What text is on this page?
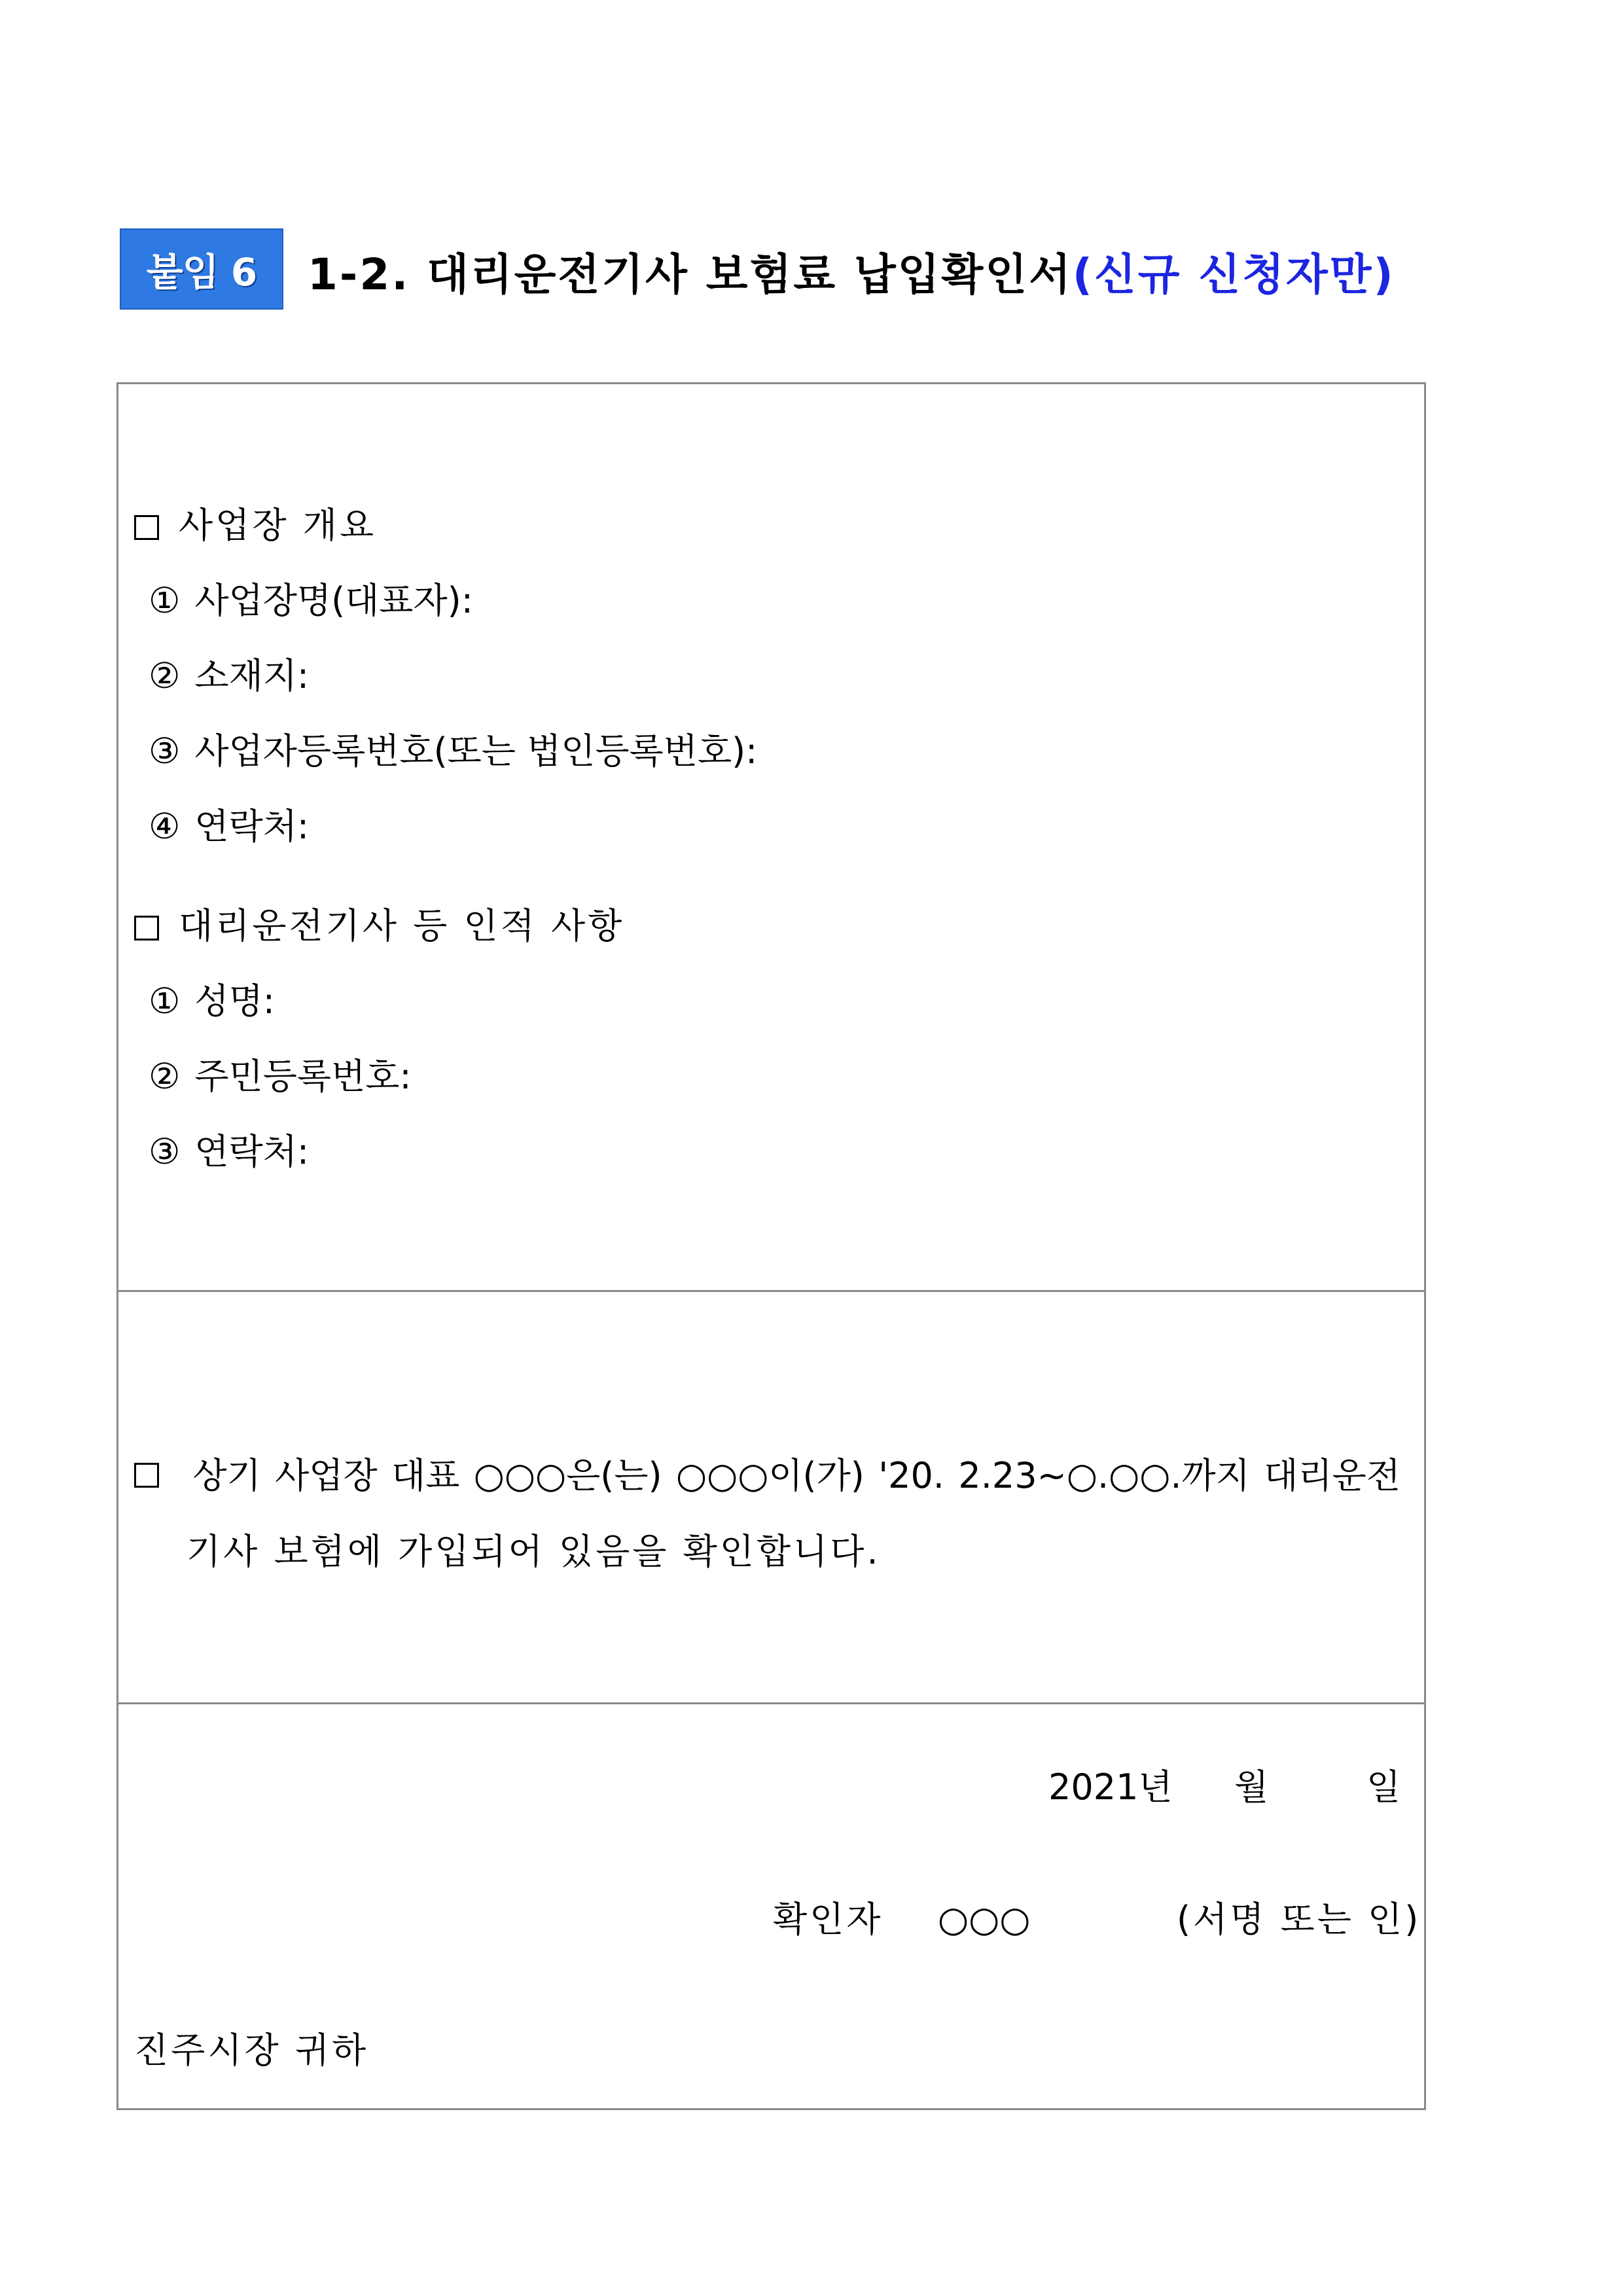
붙임 6	1-2. 대리운전기사 보험료 납입확인서(신규 신청자만)
사업장 개요
① 사업장명(대표자):
② 소재지:
③ 사업자등록번호(또는 법인등록번호):
④ 연락처:
대리운전기사 등 인적 사항
① 성명:
② 주민등록번호:
③ 연락처:
상기 사업장 대표 ○○○은(는) ○○○이(가) '20. 2.23~○.○○.까지 대리운전
기사 보험에 가입되어 있음을 확인합니다.
2021년 월	일
확인자 ○○○	(서명 또는 인)
진주시장 귀하
